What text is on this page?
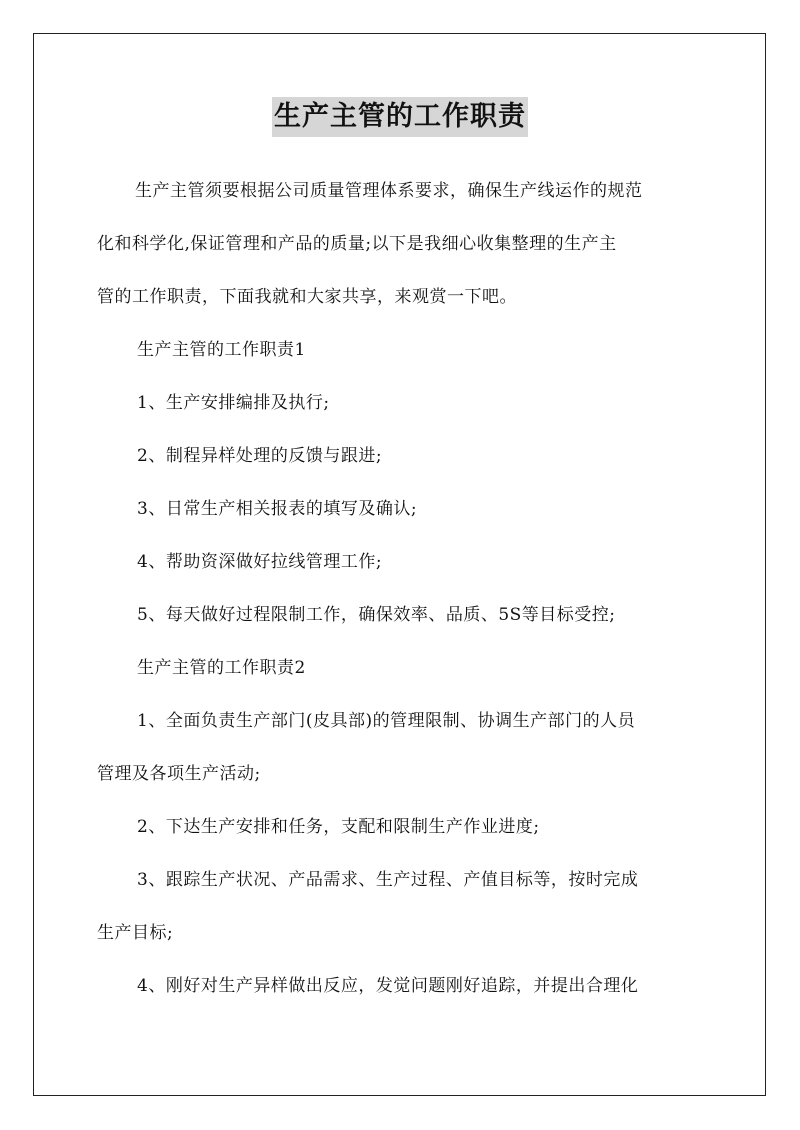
生产主管的工作职责

生产主管须要根据公司质量管理体系要求，确保生产线运作的规范

化和科学化,保证管理和产品的质量;以下是我细心收集整理的生产主

管的工作职责，下面我就和大家共享，来观赏一下吧。

生产主管的工作职责1

1、生产安排编排及执行;

2、制程异样处理的反馈与跟进;

3、日常生产相关报表的填写及确认;

4、帮助资深做好拉线管理工作;

5、每天做好过程限制工作，确保效率、品质、5S等目标受控;

生产主管的工作职责2

1、全面负责生产部门(皮具部)的管理限制、协调生产部门的人员

管理及各项生产活动;

2、下达生产安排和任务，支配和限制生产作业进度;

3、跟踪生产状况、产品需求、生产过程、产值目标等，按时完成

生产目标;

4、刚好对生产异样做出反应，发觉问题刚好追踪，并提出合理化
